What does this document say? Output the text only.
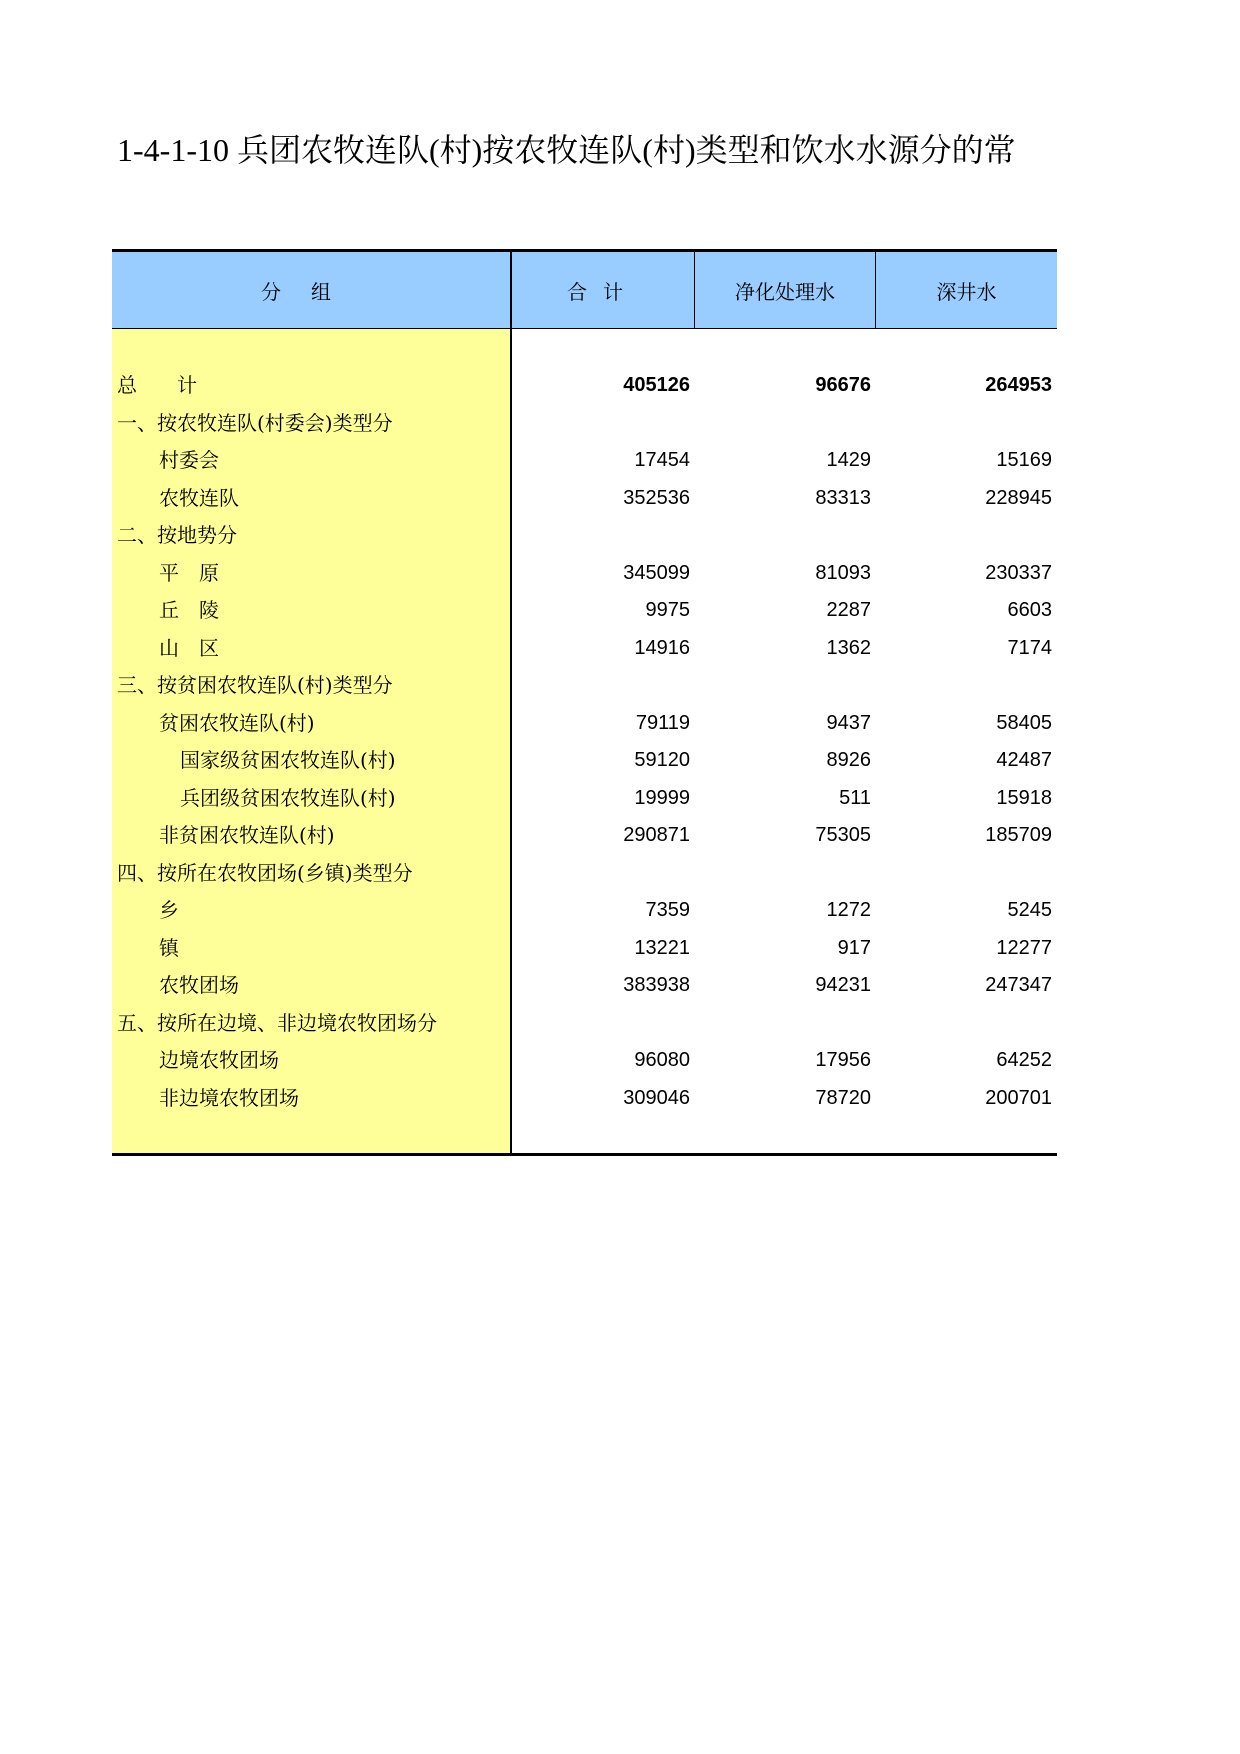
1-4-1-10 兵团农牧连队(村)按农牧连队(村)类型和饮水水源分的常
分组	合计	净化处理水	深井水
总计	405126	96676	264953
一、按农牧连队(村委会)类型分
村委会	17454	1429	15169
农牧连队	352536	83313	228945
二、按地势分
平原	345099	81093	230337
丘陵	9975	2287	6603
山区	14916	1362	7174
三、按贫困农牧连队(村)类型分
贫困农牧连队(村)	79119	9437	58405
国家级贫困农牧连队(村)	59120	8926	42487
兵团级贫困农牧连队(村)	19999	511	15918
非贫困农牧连队(村)	290871	75305	185709
四、按所在农牧团场(乡镇)类型分
乡	7359	1272	5245
镇	13221	917	12277
农牧团场	383938	94231	247347
五、按所在边境、非边境农牧团场分
边境农牧团场	96080	17956	64252
非边境农牧团场	309046	78720	200701
